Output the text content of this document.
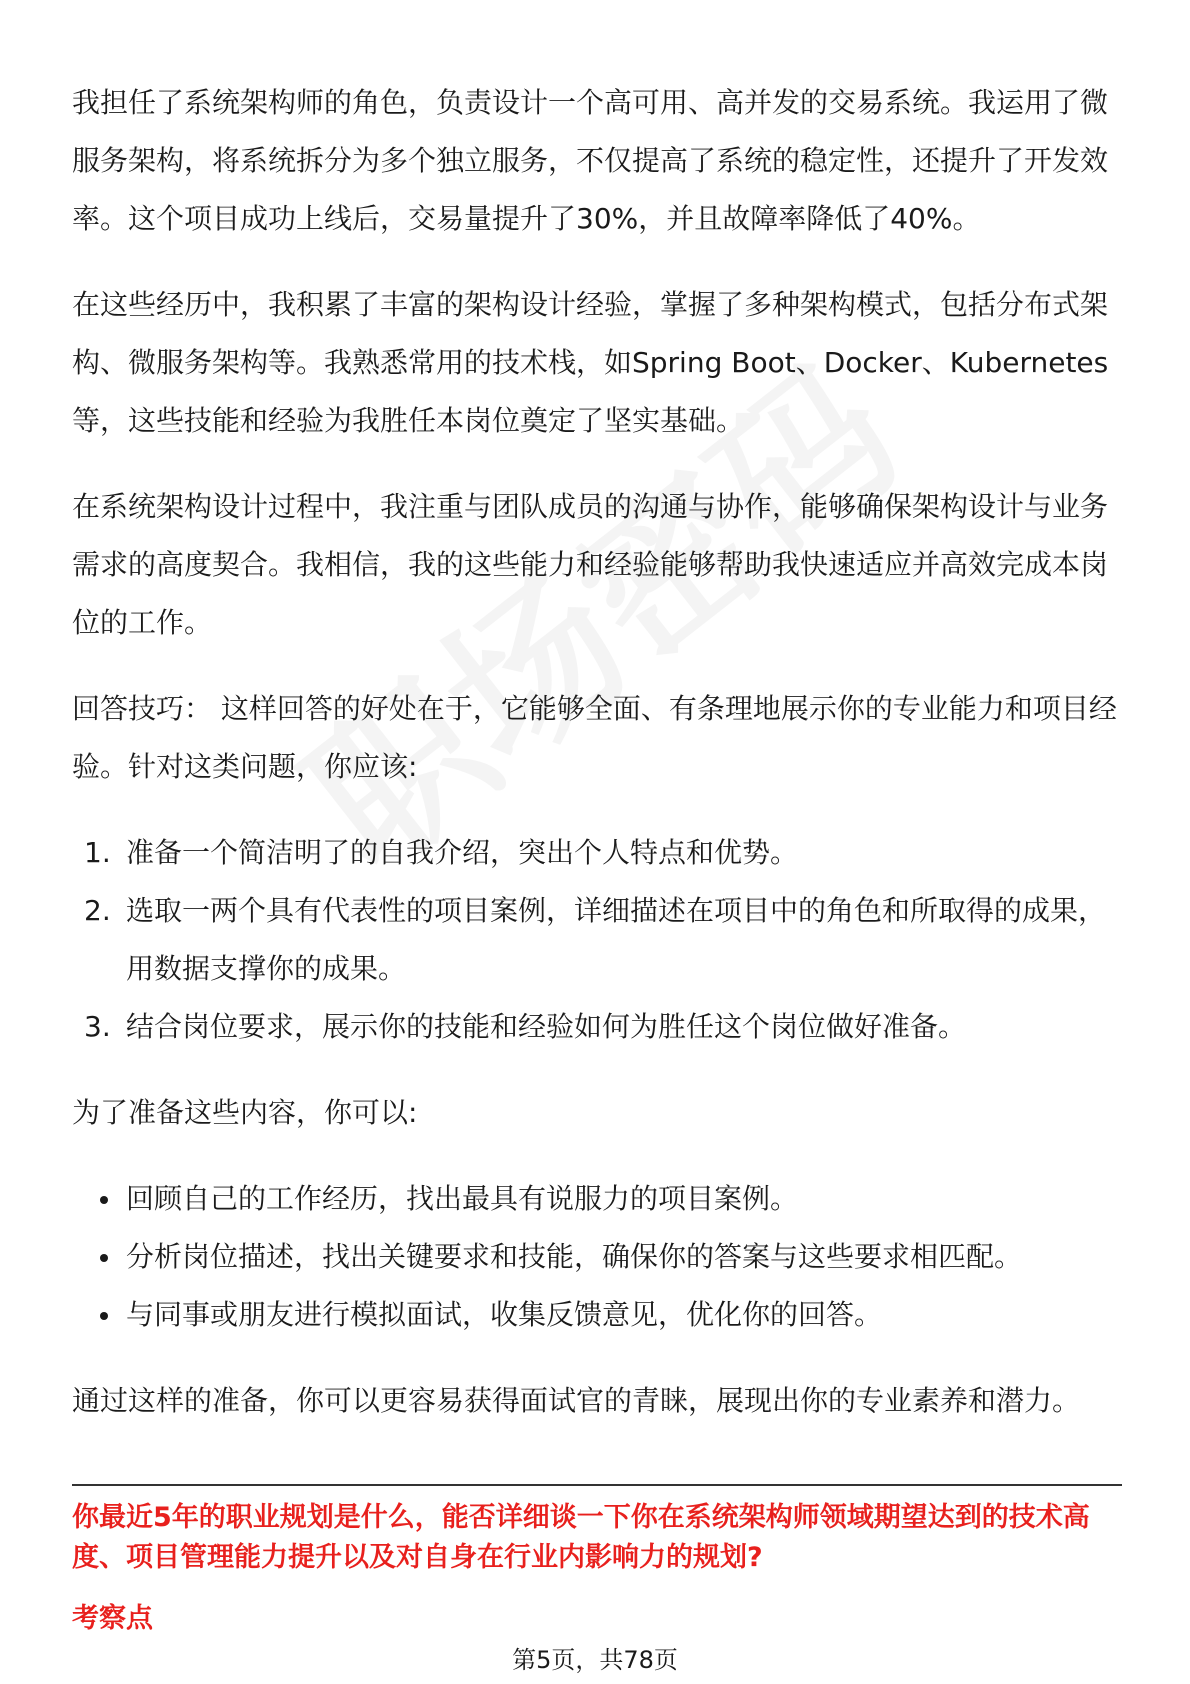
我担任了系统架构师的角色，负责设计一个高可用、高并发的交易系统。我运用了微服务架构，将系统拆分为多个独立服务，不仅提高了系统的稳定性，还提升了开发效率。这个项目成功上线后，交易量提升了30%，并且故障率降低了40%。

在这些经历中，我积累了丰富的架构设计经验，掌握了多种架构模式，包括分布式架构、微服务架构等。我熟悉常用的技术栈，如Spring Boot、Docker、Kubernetes等，这些技能和经验为我胜任本岗位奠定了坚实基础。

在系统架构设计过程中，我注重与团队成员的沟通与协作，能够确保架构设计与业务需求的高度契合。我相信，我的这些能力和经验能够帮助我快速适应并高效完成本岗位的工作。

回答技巧： 这样回答的好处在于，它能够全面、有条理地展示你的专业能力和项目经验。针对这类问题，你应该:

1. 准备一个简洁明了的自我介绍，突出个人特点和优势。
2. 选取一两个具有代表性的项目案例，详细描述在项目中的角色和所取得的成果，用数据支撑你的成果。
3. 结合岗位要求，展示你的技能和经验如何为胜任这个岗位做好准备。

为了准备这些内容，你可以:

回顾自己的工作经历，找出最具有说服力的项目案例。
分析岗位描述，找出关键要求和技能，确保你的答案与这些要求相匹配。
与同事或朋友进行模拟面试，收集反馈意见，优化你的回答。

通过这样的准备，你可以更容易获得面试官的青睐，展现出你的专业素养和潜力。

你最近5年的职业规划是什么，能否详细谈一下你在系统架构师领域期望达到的技术高度、项目管理能力提升以及对自身在行业内影响力的规划?
考察点
第5页，共78页
